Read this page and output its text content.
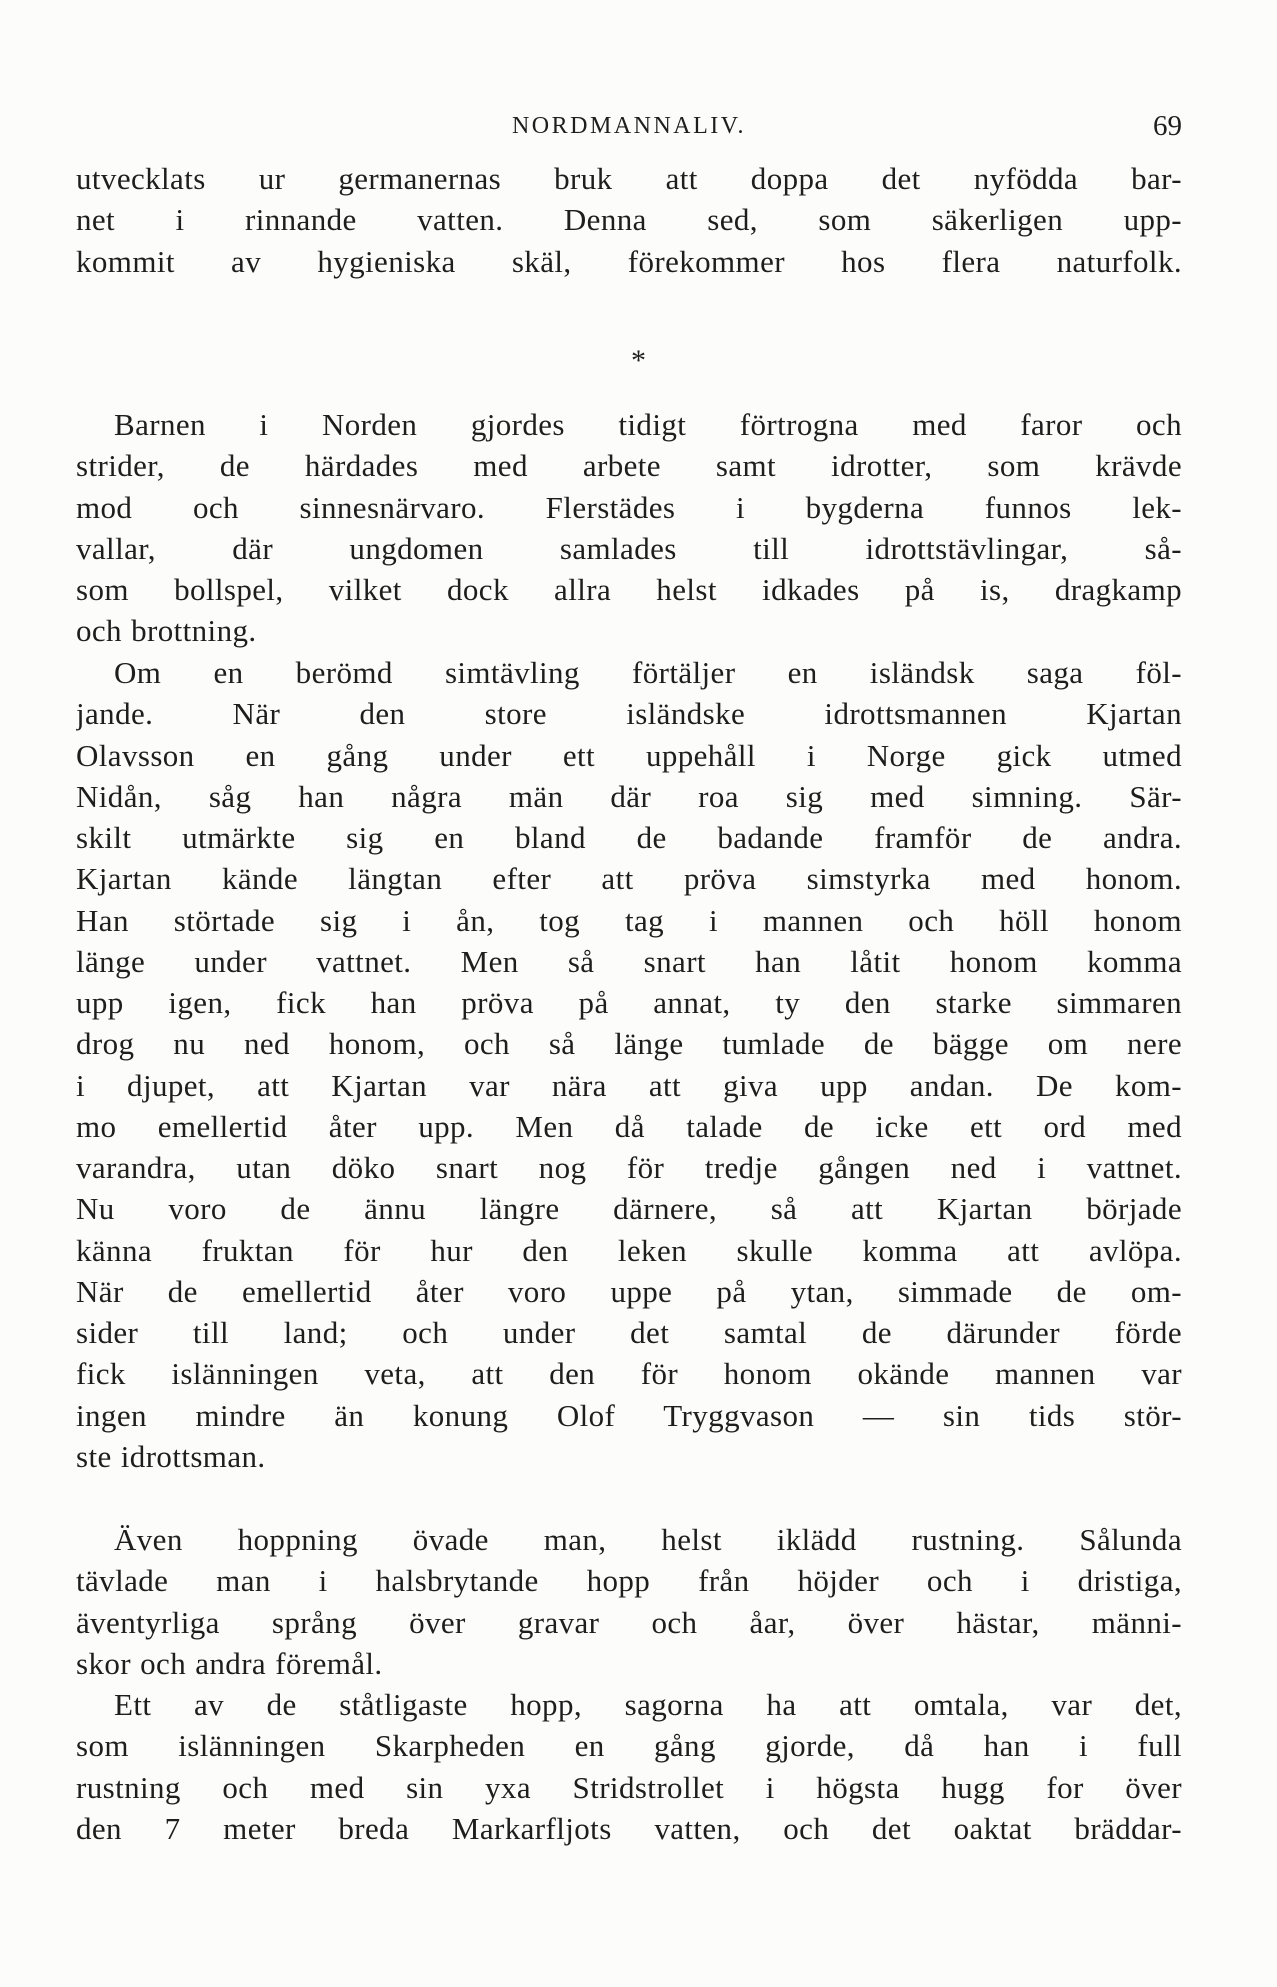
NORDMANNALIV.	69
utvecklats ur germanernas bruk att doppa det nyfödda bar-
net i rinnande vatten. Denna sed, som säkerligen upp-
kommit av hygieniska skäl, förekommer hos flera naturfolk.
*
Barnen i Norden gjordes tidigt förtrogna med faror och
strider, de härdades med arbete samt idrotter, som krävde
mod och sinnesnärvaro. Flerstädes i bygderna funnos lek-
vallar, där ungdomen samlades till idrottstävlingar, så-
som bollspel, vilket dock allra helst idkades på is, dragkamp
och brottning.
Om en berömd simtävling förtäljer en isländsk saga föl-
jande. När den store isländske idrottsmannen Kjartan
Olavsson en gång under ett uppehåll i Norge gick utmed
Nidån, såg han några män där roa sig med simning. Sär-
skilt utmärkte sig en bland de badande framför de andra.
Kjartan kände längtan efter att pröva simstyrka med honom.
Han störtade sig i ån, tog tag i mannen och höll honom
länge under vattnet. Men så snart han låtit honom komma
upp igen, fick han pröva på annat, ty den starke simmaren
drog nu ned honom, och så länge tumlade de bägge om nere
i djupet, att Kjartan var nära att giva upp andan. De kom-
mo emellertid åter upp. Men då talade de icke ett ord med
varandra, utan döko snart nog för tredje gången ned i vattnet.
Nu voro de ännu längre därnere, så att Kjartan började
känna fruktan för hur den leken skulle komma att avlöpa.
När de emellertid åter voro uppe på ytan, simmade de om-
sider till land; och under det samtal de därunder förde
fick islänningen veta, att den för honom okände mannen var
ingen mindre än konung Olof Tryggvason — sin tids stör-
ste idrottsman.
Även hoppning övade man, helst iklädd rustning. Sålunda
tävlade man i halsbrytande hopp från höjder och i dristiga,
äventyrliga språng över gravar och åar, över hästar, männi-
skor och andra föremål.
Ett av de ståtligaste hopp, sagorna ha att omtala, var det,
som islänningen Skarpheden en gång gjorde, då han i full
rustning och med sin yxa Stridstrollet i högsta hugg for över
den 7 meter breda Markarfljots vatten, och det oaktat bräddar-
